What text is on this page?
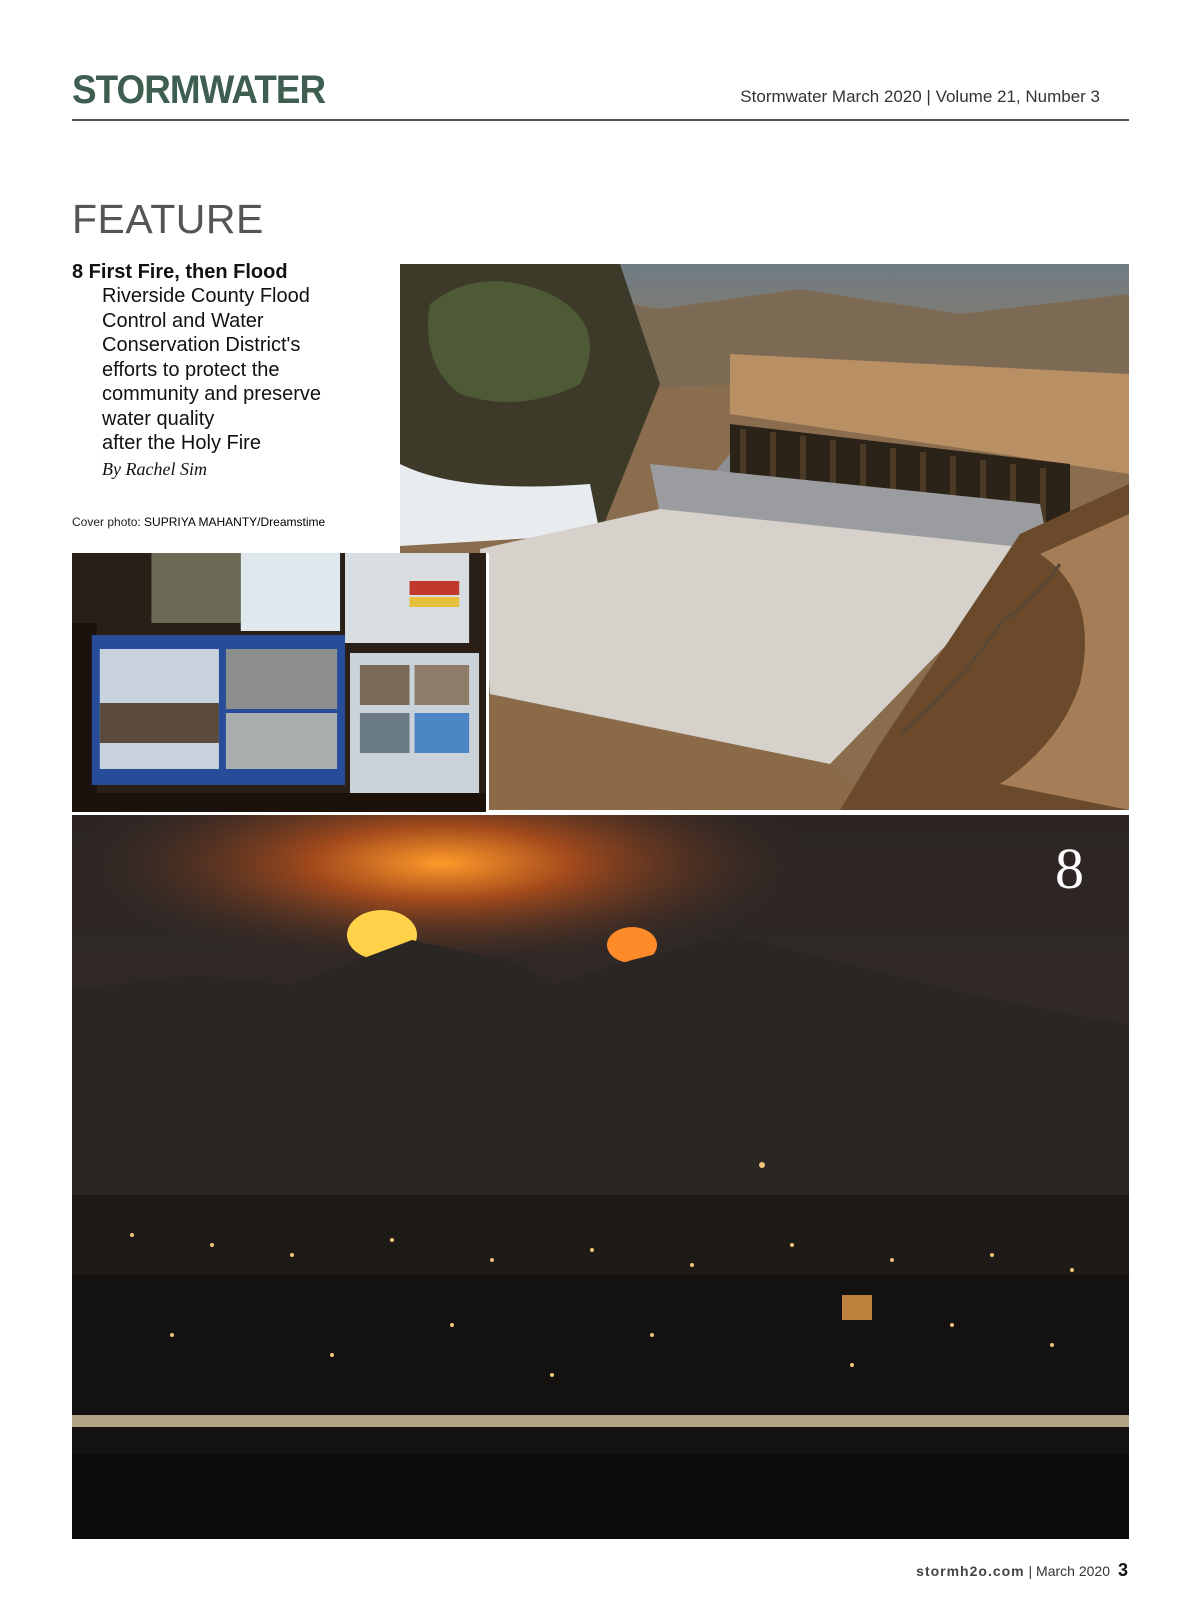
STORMWATER	Stormwater March 2020 | Volume 21, Number 3
FEATURE
8 First Fire, then Flood
Riverside County Flood
Control and Water
Conservation District's
efforts to protect the
community and preserve
water quality
after the Holy Fire
By Rachel Sim
Cover photo: SUPRIYA MAHANTY/Dreamstime
8
stormh2o.com | March 2020 3
